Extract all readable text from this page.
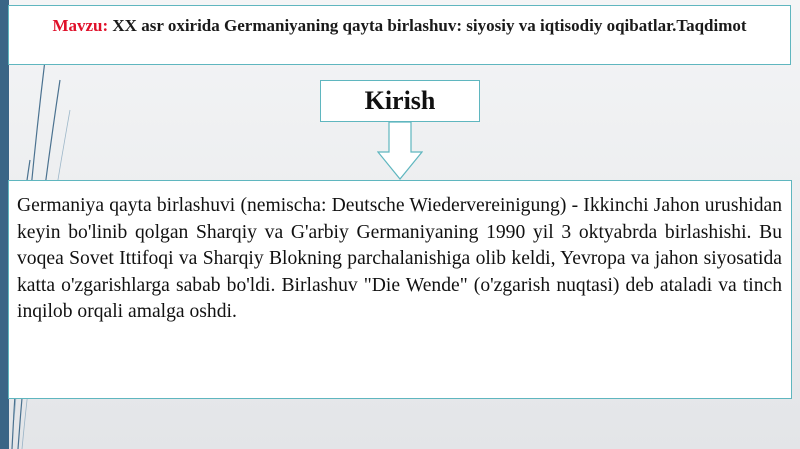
Mavzu: XX asr oxirida Germaniyaning qayta birlashuv: siyosiy va iqtisodiy oqibatlar.Taqdimot
Kirish
Germaniya qayta birlashuvi (nemischa: Deutsche Wiedervereinigung) - Ikkinchi Jahon urushidan keyin bo'linib qolgan Sharqiy va G'arbiy Germaniyaning 1990 yil 3 oktyabrda birlashishi. Bu voqea Sovet Ittifoqi va Sharqiy Blokning parchalanishiga olib keldi, Yevropa va jahon siyosatida katta o'zgarishlarga sabab bo'ldi. Birlashuv "Die Wende" (o'zgarish nuqtasi) deb ataladi va tinch inqilob orqali amalga oshdi.
